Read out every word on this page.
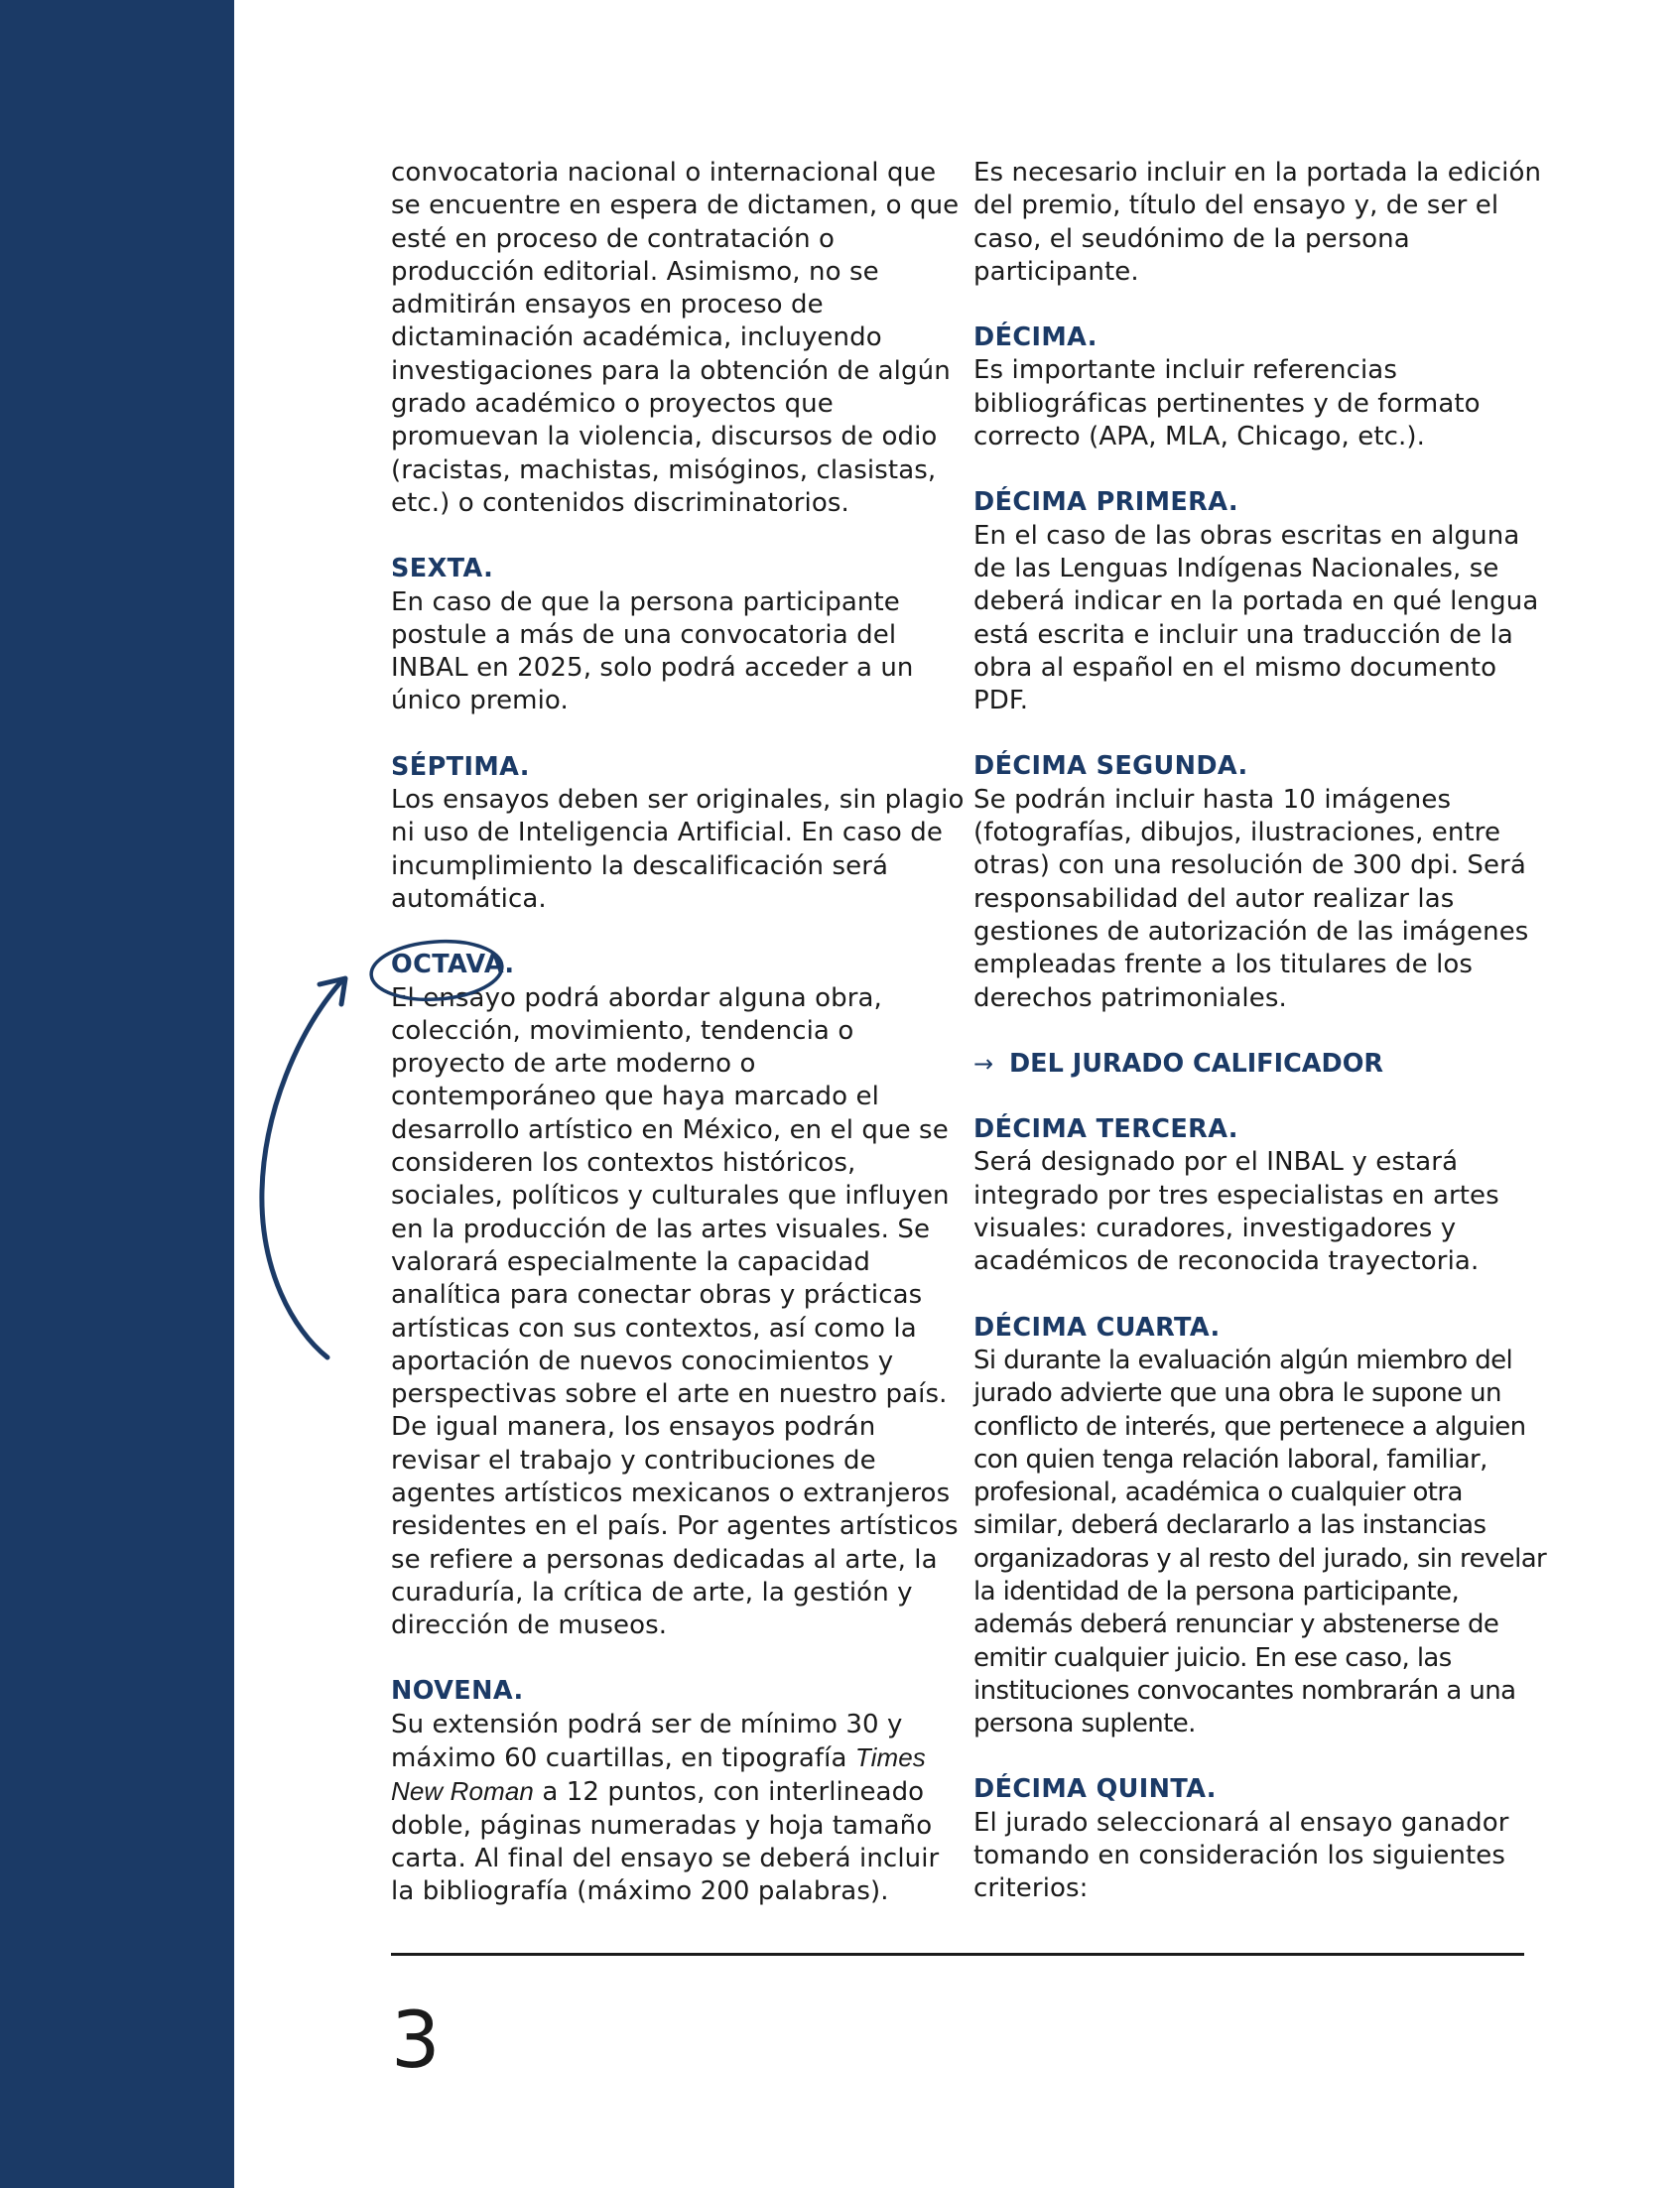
convocatoria nacional o internacional que se encuentre en espera de dictamen, o que esté en proceso de contratación o producción editorial. Asimismo, no se admitirán ensayos en proceso de dictaminación académica, incluyendo investigaciones para la obtención de algún grado académico o proyectos que promuevan la violencia, discursos de odio (racistas, machistas, misóginos, clasistas, etc.) o contenidos discriminatorios.

SEXTA.

En caso de que la persona participante postule a más de una convocatoria del INBAL en 2025, solo podrá acceder a un único premio.

SÉPTIMA.

Los ensayos deben ser originales, sin plagio ni uso de Inteligencia Artificial. En caso de incumplimiento la descalificación será automática.

OCTAVA.

El ensayo podrá abordar alguna obra, colección, movimiento, tendencia o proyecto de arte moderno o contemporáneo que haya marcado el desarrollo artístico en México, en el que se consideren los contextos históricos, sociales, políticos y culturales que influyen en la producción de las artes visuales. Se valorará especialmente la capacidad analítica para conectar obras y prácticas artísticas con sus contextos, así como la aportación de nuevos conocimientos y perspectivas sobre el arte en nuestro país. De igual manera, los ensayos podrán revisar el trabajo y contribuciones de agentes artísticos mexicanos o extranjeros residentes en el país. Por agentes artísticos se refiere a personas dedicadas al arte, la curaduría, la crítica de arte, la gestión y dirección de museos.

NOVENA.

Su extensión podrá ser de mínimo 30 y máximo 60 cuartillas, en tipografía Times New Roman a 12 puntos, con interlineado doble, páginas numeradas y hoja tamaño carta. Al final del ensayo se deberá incluir la bibliografía (máximo 200 palabras).

Es necesario incluir en la portada la edición del premio, título del ensayo y, de ser el caso, el seudónimo de la persona participante.

DÉCIMA.

Es importante incluir referencias bibliográficas pertinentes y de formato correcto (APA, MLA, Chicago, etc.).

DÉCIMA PRIMERA.

En el caso de las obras escritas en alguna de las Lenguas Indígenas Nacionales, se deberá indicar en la portada en qué lengua está escrita e incluir una traducción de la obra al español en el mismo documento PDF.

DÉCIMA SEGUNDA.

Se podrán incluir hasta 10 imágenes (fotografías, dibujos, ilustraciones, entre otras) con una resolución de 300 dpi. Será responsabilidad del autor realizar las gestiones de autorización de las imágenes empleadas frente a los titulares de los derechos patrimoniales.

→ DEL JURADO CALIFICADOR
DÉCIMA TERCERA.

Será designado por el INBAL y estará integrado por tres especialistas en artes visuales: curadores, investigadores y académicos de reconocida trayectoria.

DÉCIMA CUARTA.

Si durante la evaluación algún miembro del jurado advierte que una obra le supone un conflicto de interés, que pertenece a alguien con quien tenga relación laboral, familiar, profesional, académica o cualquier otra similar, deberá declararlo a las instancias organizadoras y al resto del jurado, sin revelar la identidad de la persona participante, además deberá renunciar y abstenerse de emitir cualquier juicio. En ese caso, las instituciones convocantes nombrarán a una persona suplente.

DÉCIMA QUINTA.

El jurado seleccionará al ensayo ganador tomando en consideración los siguientes criterios:

3
